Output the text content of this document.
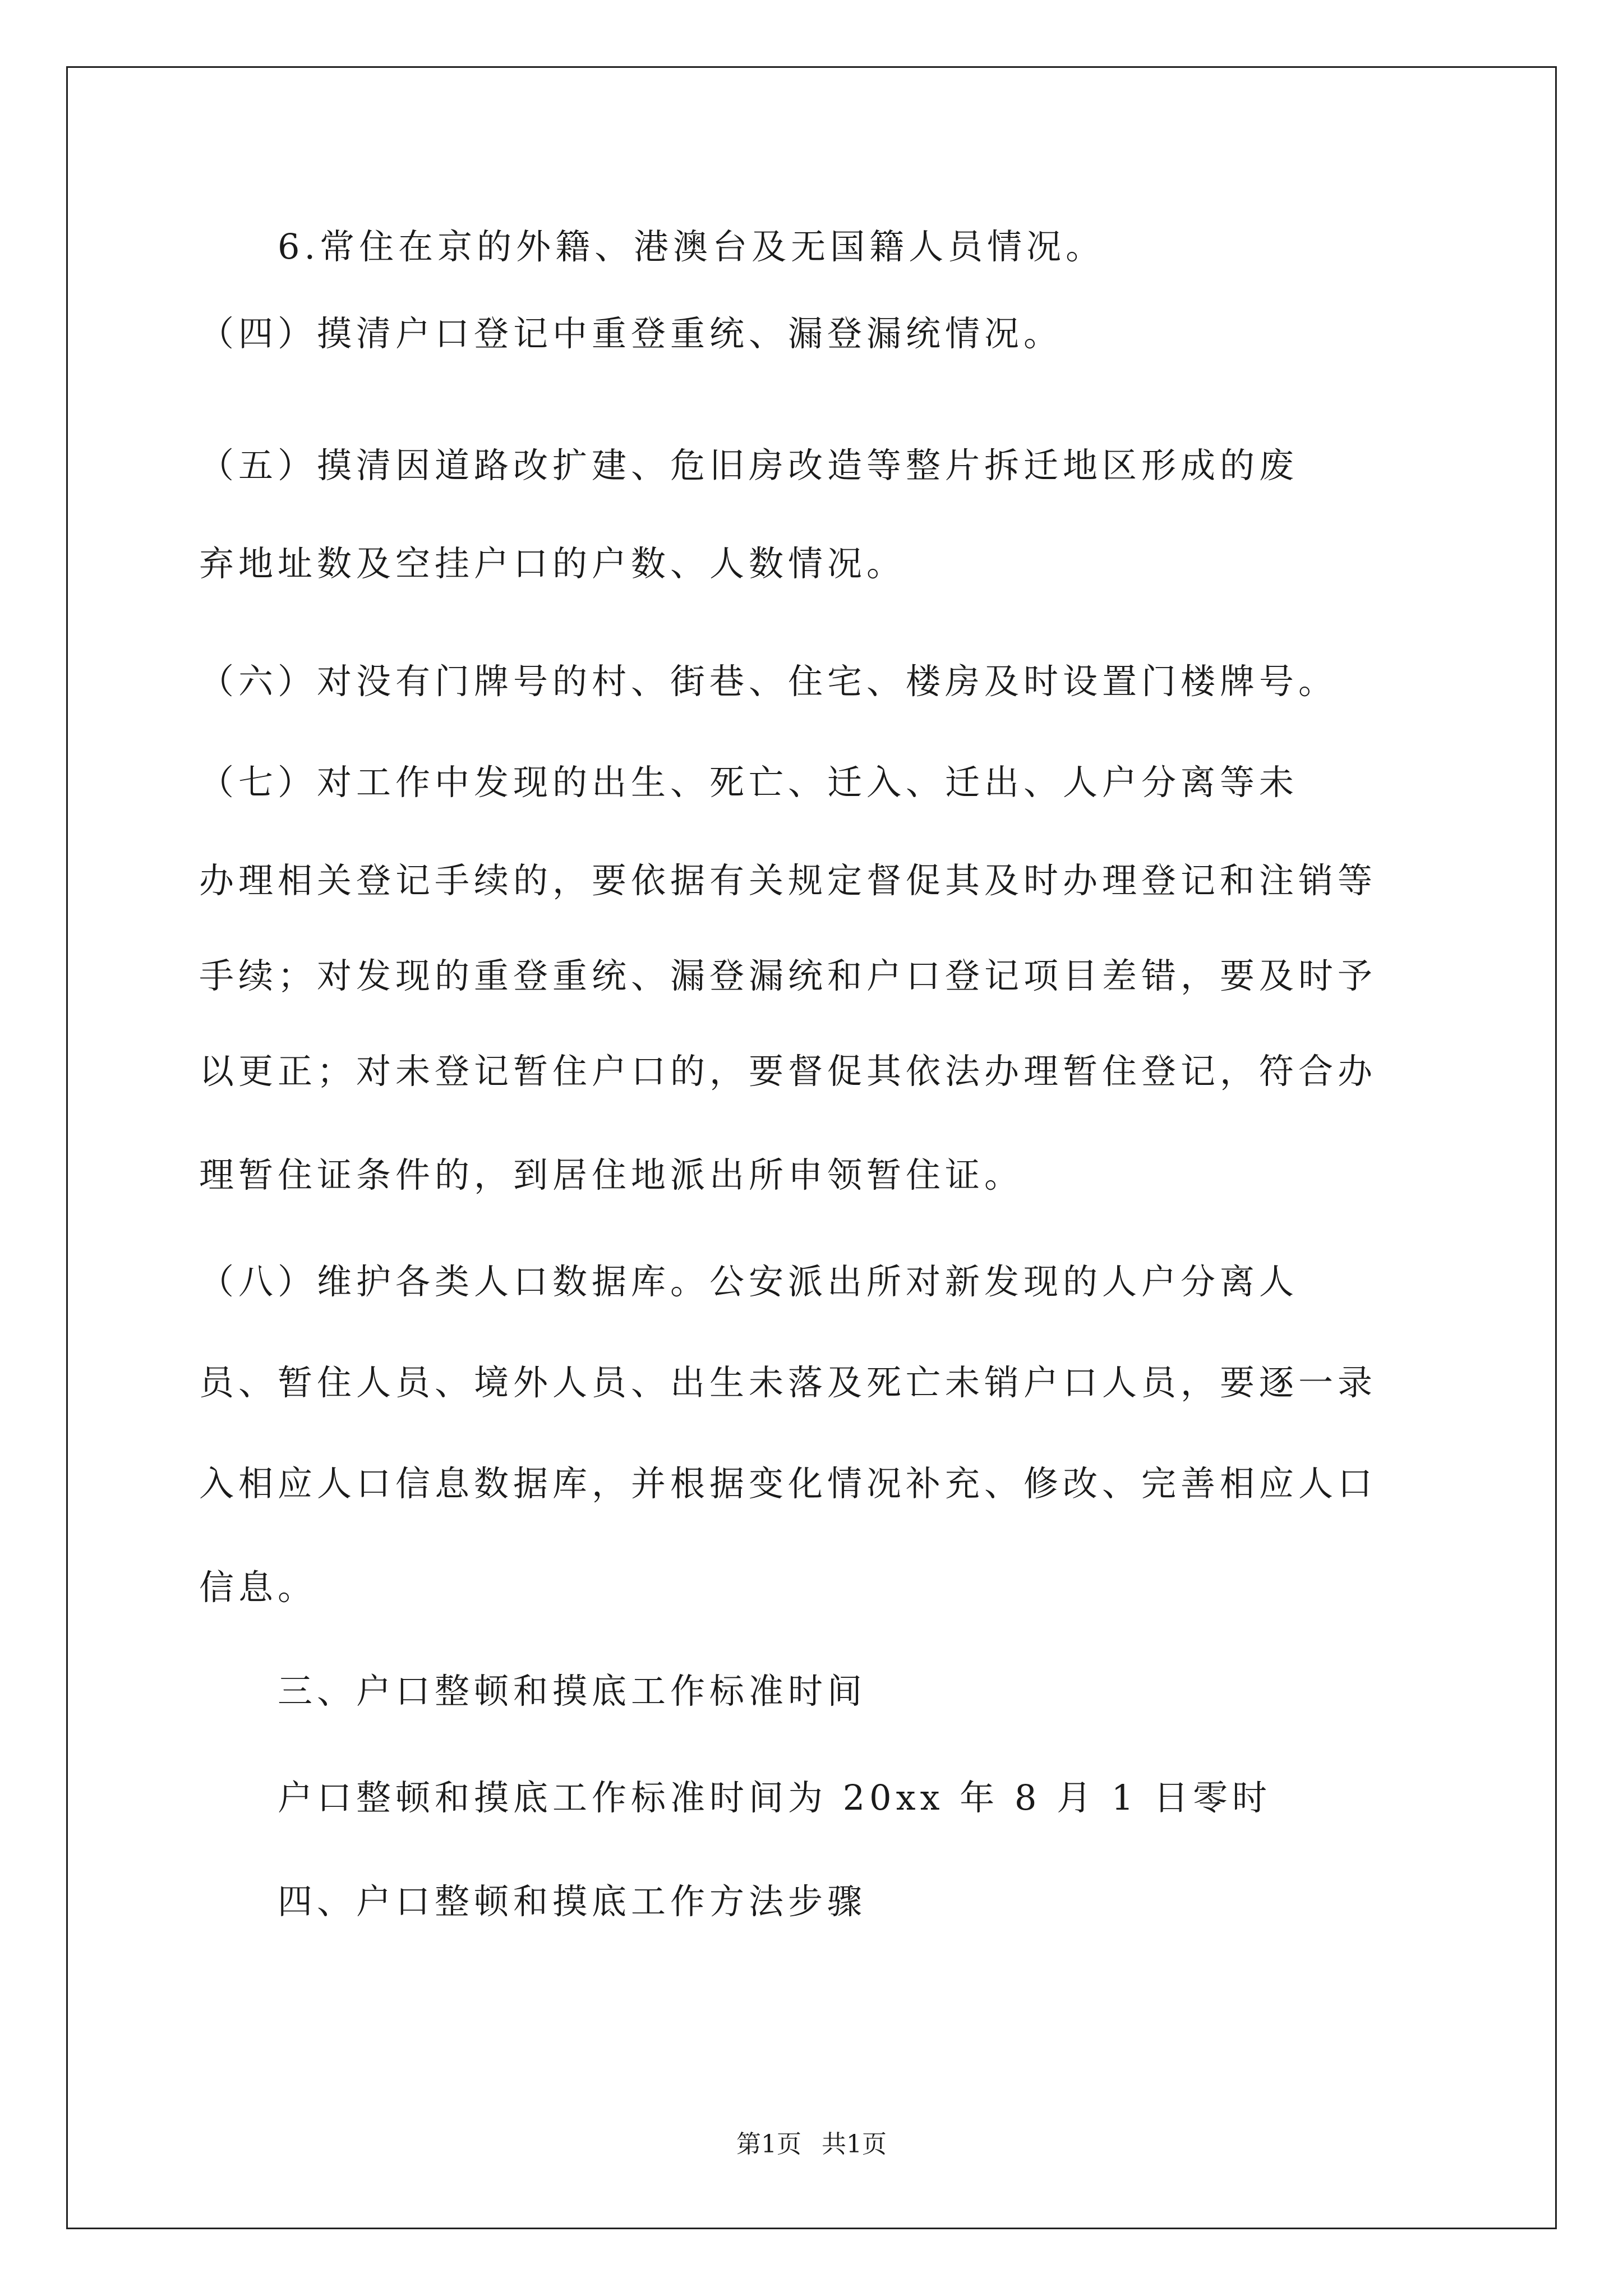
6.常住在京的外籍、港澳台及无国籍人员情况。
（四）摸清户口登记中重登重统、漏登漏统情况。
（五）摸清因道路改扩建、危旧房改造等整片拆迁地区形成的废
弃地址数及空挂户口的户数、人数情况。
（六）对没有门牌号的村、街巷、住宅、楼房及时设置门楼牌号。
（七）对工作中发现的出生、死亡、迁入、迁出、人户分离等未
办理相关登记手续的，要依据有关规定督促其及时办理登记和注销等
手续；对发现的重登重统、漏登漏统和户口登记项目差错，要及时予
以更正；对未登记暂住户口的，要督促其依法办理暂住登记，符合办
理暂住证条件的，到居住地派出所申领暂住证。
（八）维护各类人口数据库。公安派出所对新发现的人户分离人
员、暂住人员、境外人员、出生未落及死亡未销户口人员，要逐一录
入相应人口信息数据库，并根据变化情况补充、修改、完善相应人口
信息。
三、户口整顿和摸底工作标准时间
户口整顿和摸底工作标准时间为 20xx 年 8 月 1 日零时
四、户口整顿和摸底工作方法步骤
第1页 共1页
